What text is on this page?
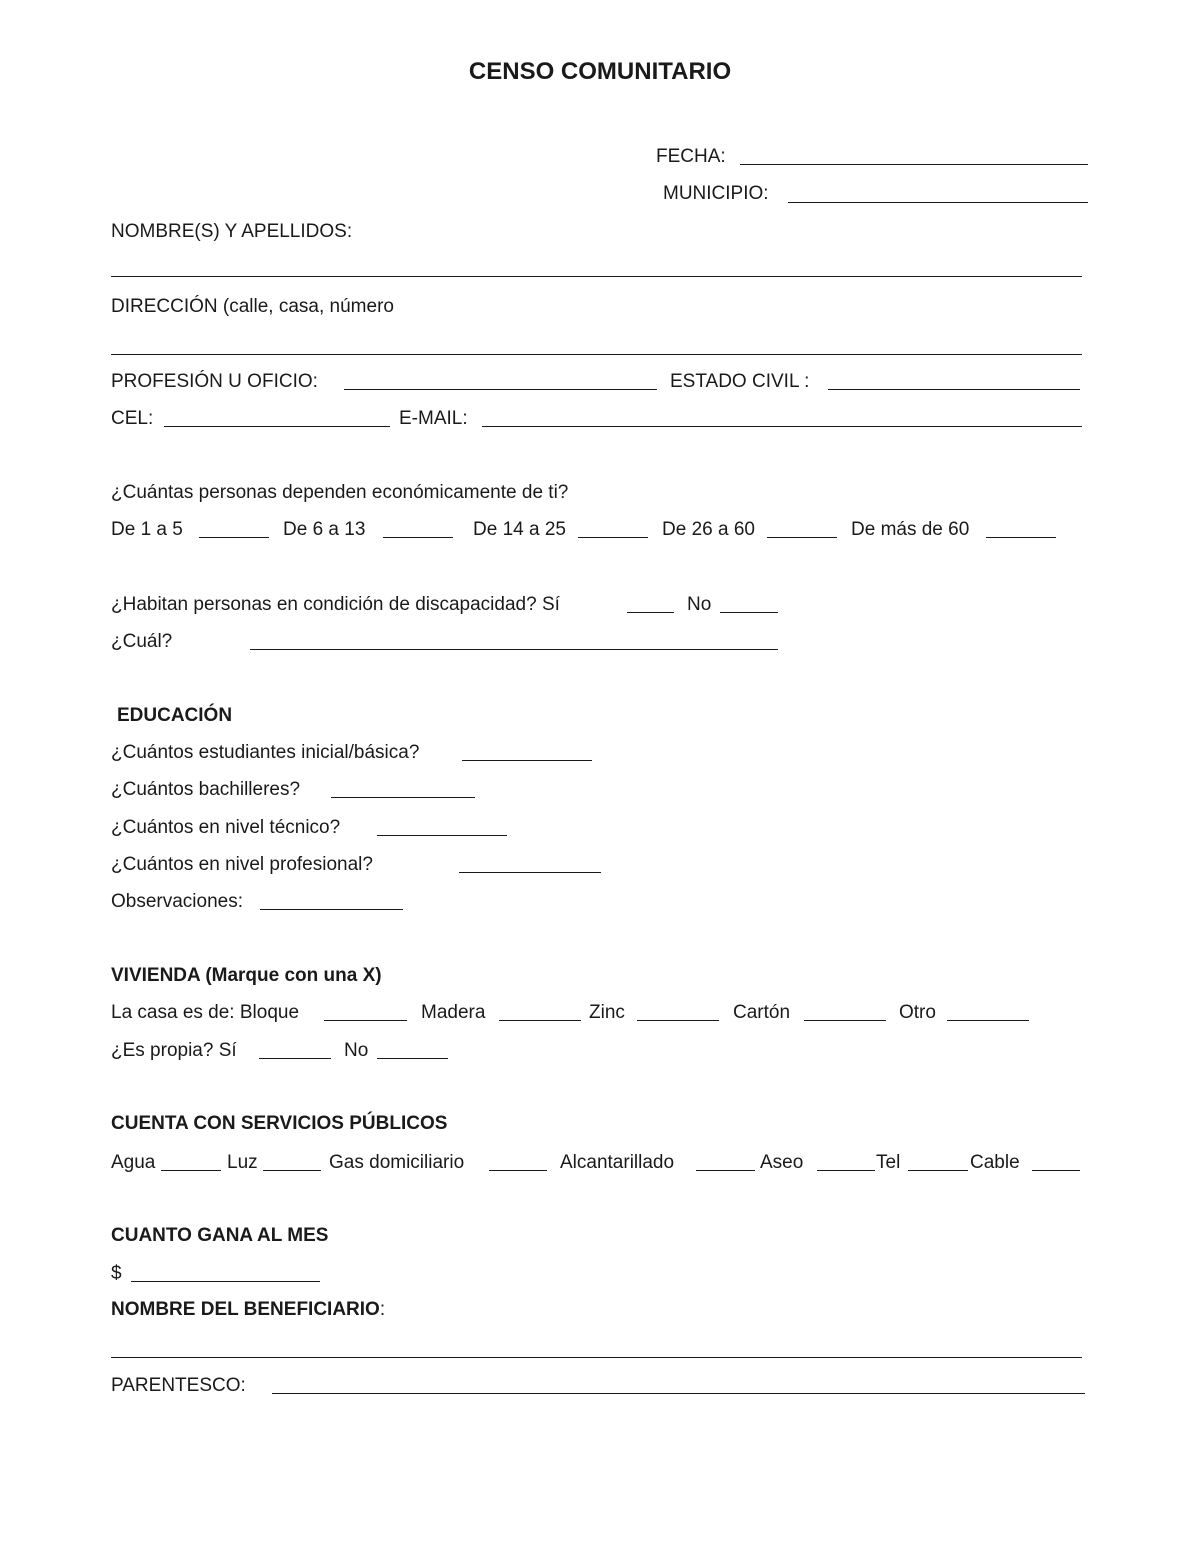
CENSO COMUNITARIO
FECHA:
MUNICIPIO:
NOMBRE(S) Y APELLIDOS:
DIRECCIÓN (calle, casa, número
PROFESIÓN U OFICIO:	ESTADO CIVIL :
CEL:	E-MAIL:
¿Cuántas personas dependen económicamente de ti?
De 1 a 5	De 6 a 13	De 14 a 25	De 26 a 60	De más de 60
¿Habitan personas en condición de discapacidad? Sí	No
¿Cuál?
EDUCACIÓN
¿Cuántos estudiantes inicial/básica?
¿Cuántos bachilleres?
¿Cuántos en nivel técnico?
¿Cuántos en nivel profesional?
Observaciones:
VIVIENDA (Marque con una X)
La casa es de: Bloque	Madera	Zinc	Cartón	Otro
¿Es propia? Sí	No
CUENTA CON SERVICIOS PÚBLICOS
Agua	Luz	Gas domiciliario	Alcantarillado	Aseo	Tel	Cable
CUANTO GANA AL MES
$
NOMBRE DEL BENEFICIARIO:
PARENTESCO:
